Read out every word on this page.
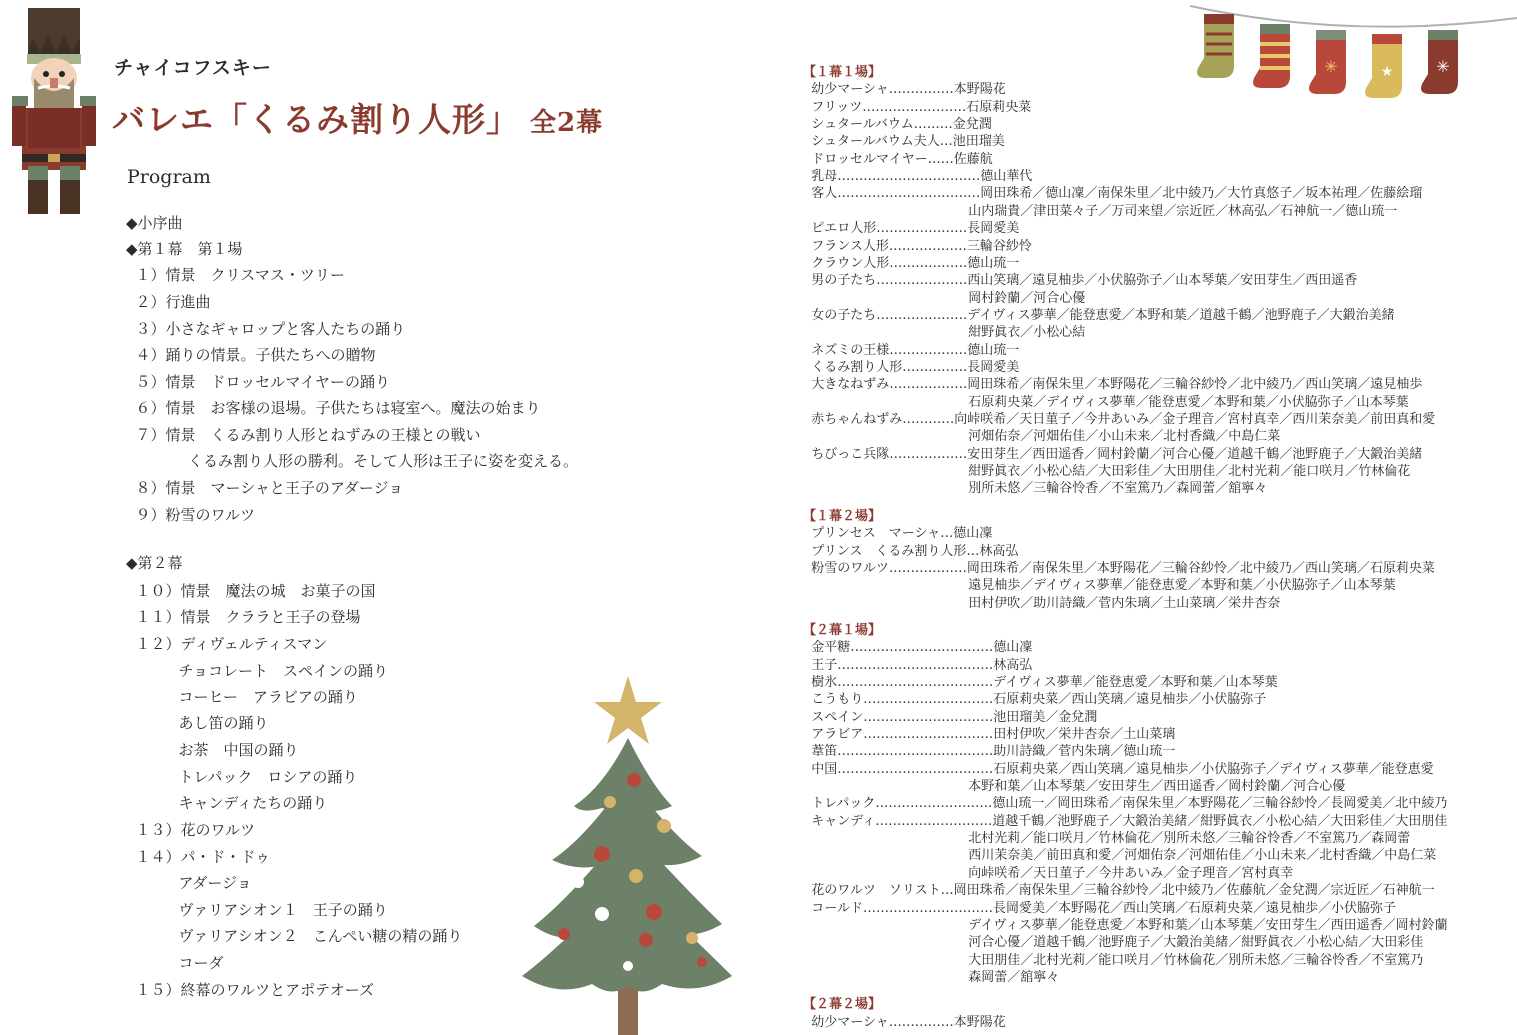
✳	★	✳
チャイコフスキー
バレエ「くるみ割り人形」 全2幕
Program
◆小序曲
◆第１幕　第１場
１）情景　クリスマス・ツリー
２）行進曲
３）小さなギャロップと客人たちの踊り
４）踊りの情景。子供たちへの贈物
５）情景　ドロッセルマイヤーの踊り
６）情景　お客様の退場。子供たちは寝室へ。魔法の始まり
７）情景　くるみ割り人形とねずみの王様との戦い
くるみ割り人形の勝利。そして人形は王子に姿を変える。
８）情景　マーシャと王子のアダージョ
９）粉雪のワルツ
◆第２幕
１０）情景　魔法の城　お菓子の国
１１）情景　クララと王子の登場
１２）ディヴェルティスマン
チョコレート　スペインの踊り
コーヒー　アラビアの踊り
あし笛の踊り
お茶　中国の踊り
トレパック　ロシアの踊り
キャンディたちの踊り
１３）花のワルツ
１４）パ・ド・ドゥ
アダージョ
ヴァリアシオン１　王子の踊り
ヴァリアシオン２　こんぺい糖の精の踊り
コーダ
１５）終幕のワルツとアポテオーズ
【１幕１場】
幼少マーシャ……………本野陽花
フリッツ……………………石原莉央菜
シュタールバウム………金兌潤
シュタールバウム夫人…池田瑠美
ドロッセルマイヤー……佐藤航
乳母……………………………德山華代
客人……………………………岡田珠希／德山凜／南保朱里／北中綾乃／大竹真悠子／坂本祐理／佐藤絵瑠
山内瑞貴／津田菜々子／万司来望／宗近匠／林高弘／石神航一／德山琉一
ピエロ人形…………………長岡愛美
フランス人形………………三輪谷紗怜
クラウン人形………………德山琉一
男の子たち…………………西山笑璃／遠見柚歩／小伏脇弥子／山本琴葉／安田芽生／西田遥香
岡村鈴蘭／河合心優
女の子たち…………………デイヴィス夢華／能登恵愛／本野和葉／道越千鶴／池野鹿子／大鍛治美緒
紺野眞衣／小松心結
ネズミの王様………………德山琉一
くるみ割り人形……………長岡愛美
大きなねずみ………………岡田珠希／南保朱里／本野陽花／三輪谷紗怜／北中綾乃／西山笑璃／遠見柚歩
石原莉央菜／デイヴィス夢華／能登恵愛／本野和葉／小伏脇弥子／山本琴葉
赤ちゃんねずみ…………向峠咲希／天日菫子／今井あいみ／金子理音／宮村真幸／西川茉奈美／前田真和愛
河畑佑奈／河畑佑佳／小山未来／北村香織／中島仁菜
ちびっこ兵隊………………安田芽生／西田遥香／岡村鈴蘭／河合心優／道越千鶴／池野鹿子／大鍛治美緒
紺野眞衣／小松心結／大田彩佳／大田朋佳／北村光莉／能口咲月／竹林倫花
別所未悠／三輪谷怜香／不室篤乃／森岡蕾／舘寧々
【１幕２場】
プリンセス　マーシャ…德山凜
プリンス　くるみ割り人形…林高弘
粉雪のワルツ………………岡田珠希／南保朱里／本野陽花／三輪谷紗怜／北中綾乃／西山笑璃／石原莉央菜
遠見柚歩／デイヴィス夢華／能登恵愛／本野和葉／小伏脇弥子／山本琴葉
田村伊吹／助川詩織／菅内朱璃／土山菜璃／栄井杏奈
【２幕１場】
金平糖……………………………德山凜
王子………………………………林高弘
樹氷………………………………デイヴィス夢華／能登恵愛／本野和葉／山本琴葉
こうもり…………………………石原莉央菜／西山笑璃／遠見柚歩／小伏脇弥子
スペイン…………………………池田瑠美／金兌潤
アラビア…………………………田村伊吹／栄井杏奈／土山菜璃
葦笛………………………………助川詩織／菅内朱璃／德山琉一
中国………………………………石原莉央菜／西山笑璃／遠見柚歩／小伏脇弥子／デイヴィス夢華／能登恵愛
本野和葉／山本琴葉／安田芽生／西田遥香／岡村鈴蘭／河合心優
トレパック………………………德山琉一／岡田珠希／南保朱里／本野陽花／三輪谷紗怜／長岡愛美／北中綾乃
キャンディ………………………道越千鶴／池野鹿子／大鍛治美緒／紺野眞衣／小松心結／大田彩佳／大田朋佳
北村光莉／能口咲月／竹林倫花／別所未悠／三輪谷怜香／不室篤乃／森岡蕾
西川茉奈美／前田真和愛／河畑佑奈／河畑佑佳／小山未来／北村香織／中島仁菜
向峠咲希／天日菫子／今井あいみ／金子理音／宮村真幸
花のワルツ　ソリスト…岡田珠希／南保朱里／三輪谷紗怜／北中綾乃／佐藤航／金兌潤／宗近匠／石神航一
コールド…………………………長岡愛美／本野陽花／西山笑璃／石原莉央菜／遠見柚歩／小伏脇弥子
デイヴィス夢華／能登恵愛／本野和葉／山本琴葉／安田芽生／西田遥香／岡村鈴蘭
河合心優／道越千鶴／池野鹿子／大鍛治美緒／紺野眞衣／小松心結／大田彩佳
大田朋佳／北村光莉／能口咲月／竹林倫花／別所未悠／三輪谷怜香／不室篤乃
森岡蕾／舘寧々
【２幕２場】
幼少マーシャ……………本野陽花
